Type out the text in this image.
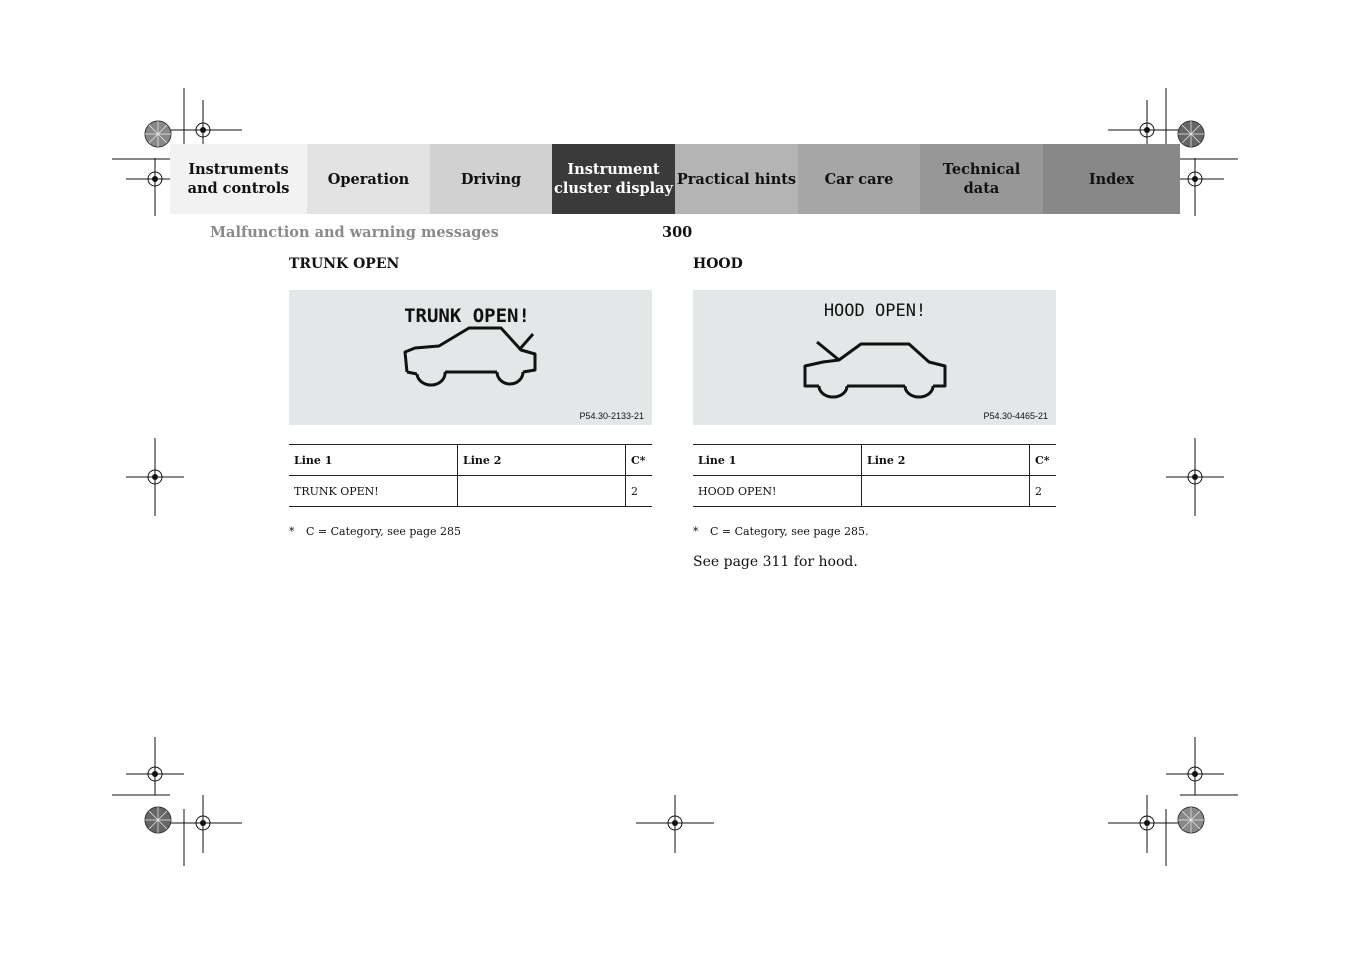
Instruments
and controls
Operation	Driving
Instrument
cluster display
Practical hints	Car care
Technical
data
Index
Malfunction and warning messages	300
TRUNK OPEN
TRUNK OPEN!
P54.30-2133-21
Line 1	Line 2	C*
TRUNK OPEN!		2
* C = Category, see page 285
HOOD
HOOD OPEN!
P54.30-4465-21
Line 1	Line 2	C*
HOOD OPEN!		2
* C = Category, see page 285.
See page 311 for hood.
